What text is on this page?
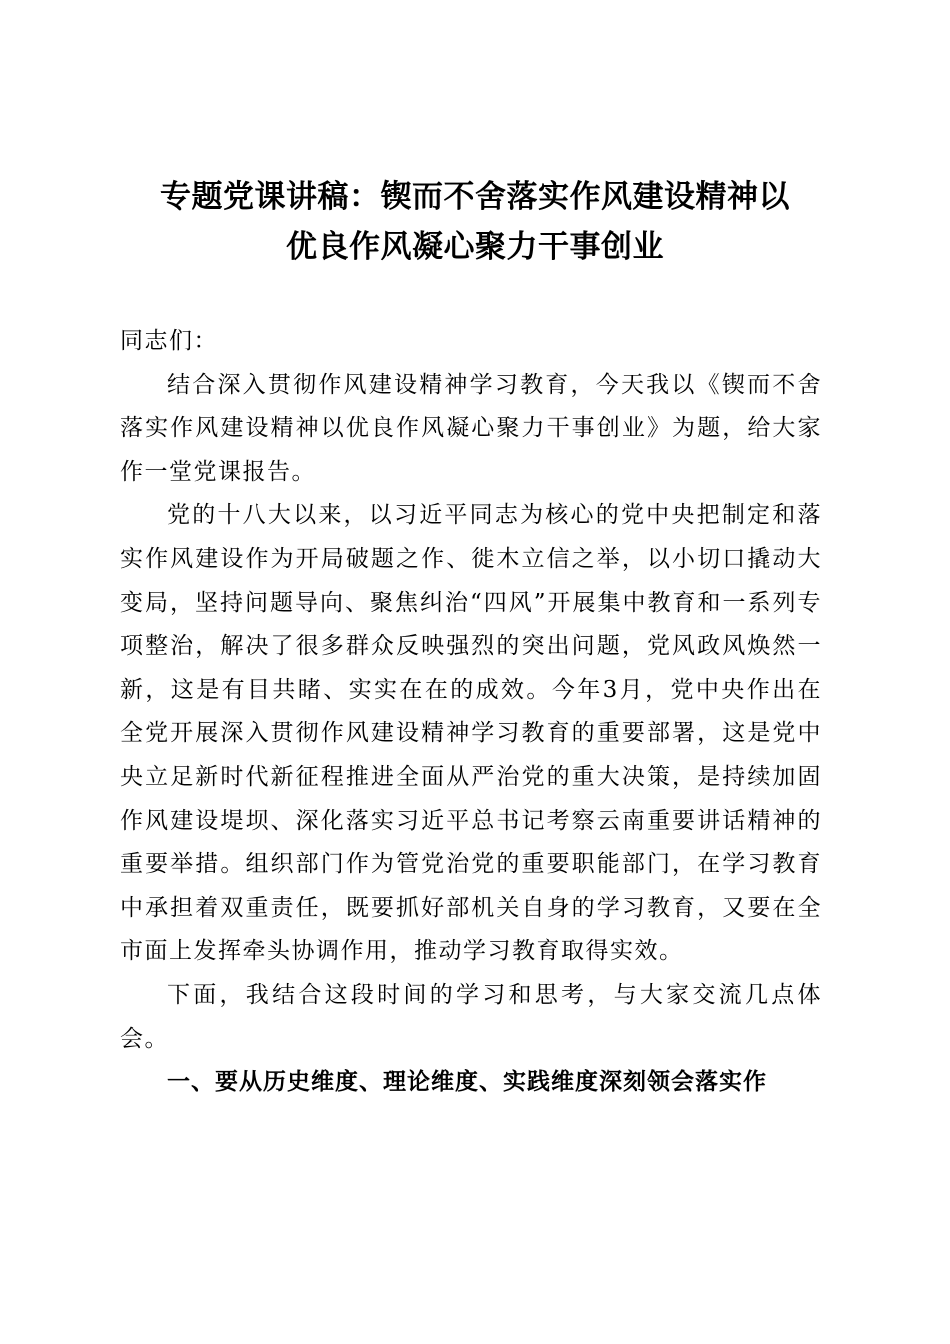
专题党课讲稿：锲而不舍落实作风建设精神以
优良作风凝心聚力干事创业

同志们：

结合深入贯彻作风建设精神学习教育，今天我以《锲而不舍落实作风建设精神以优良作风凝心聚力干事创业》为题，给大家作一堂党课报告。

党的十八大以来，以习近平同志为核心的党中央把制定和落实作风建设作为开局破题之作、徙木立信之举，以小切口撬动大变局，坚持问题导向、聚焦纠治“四风”开展集中教育和一系列专项整治，解决了很多群众反映强烈的突出问题，党风政风焕然一新，这是有目共睹、实实在在的成效。今年3月，党中央作出在全党开展深入贯彻作风建设精神学习教育的重要部署，这是党中央立足新时代新征程推进全面从严治党的重大决策，是持续加固作风建设堤坝、深化落实习近平总书记考察云南重要讲话精神的重要举措。组织部门作为管党治党的重要职能部门，在学习教育中承担着双重责任，既要抓好部机关自身的学习教育，又要在全市面上发挥牵头协调作用，推动学习教育取得实效。

下面，我结合这段时间的学习和思考，与大家交流几点体会。

一、要从历史维度、理论维度、实践维度深刻领会落实作
